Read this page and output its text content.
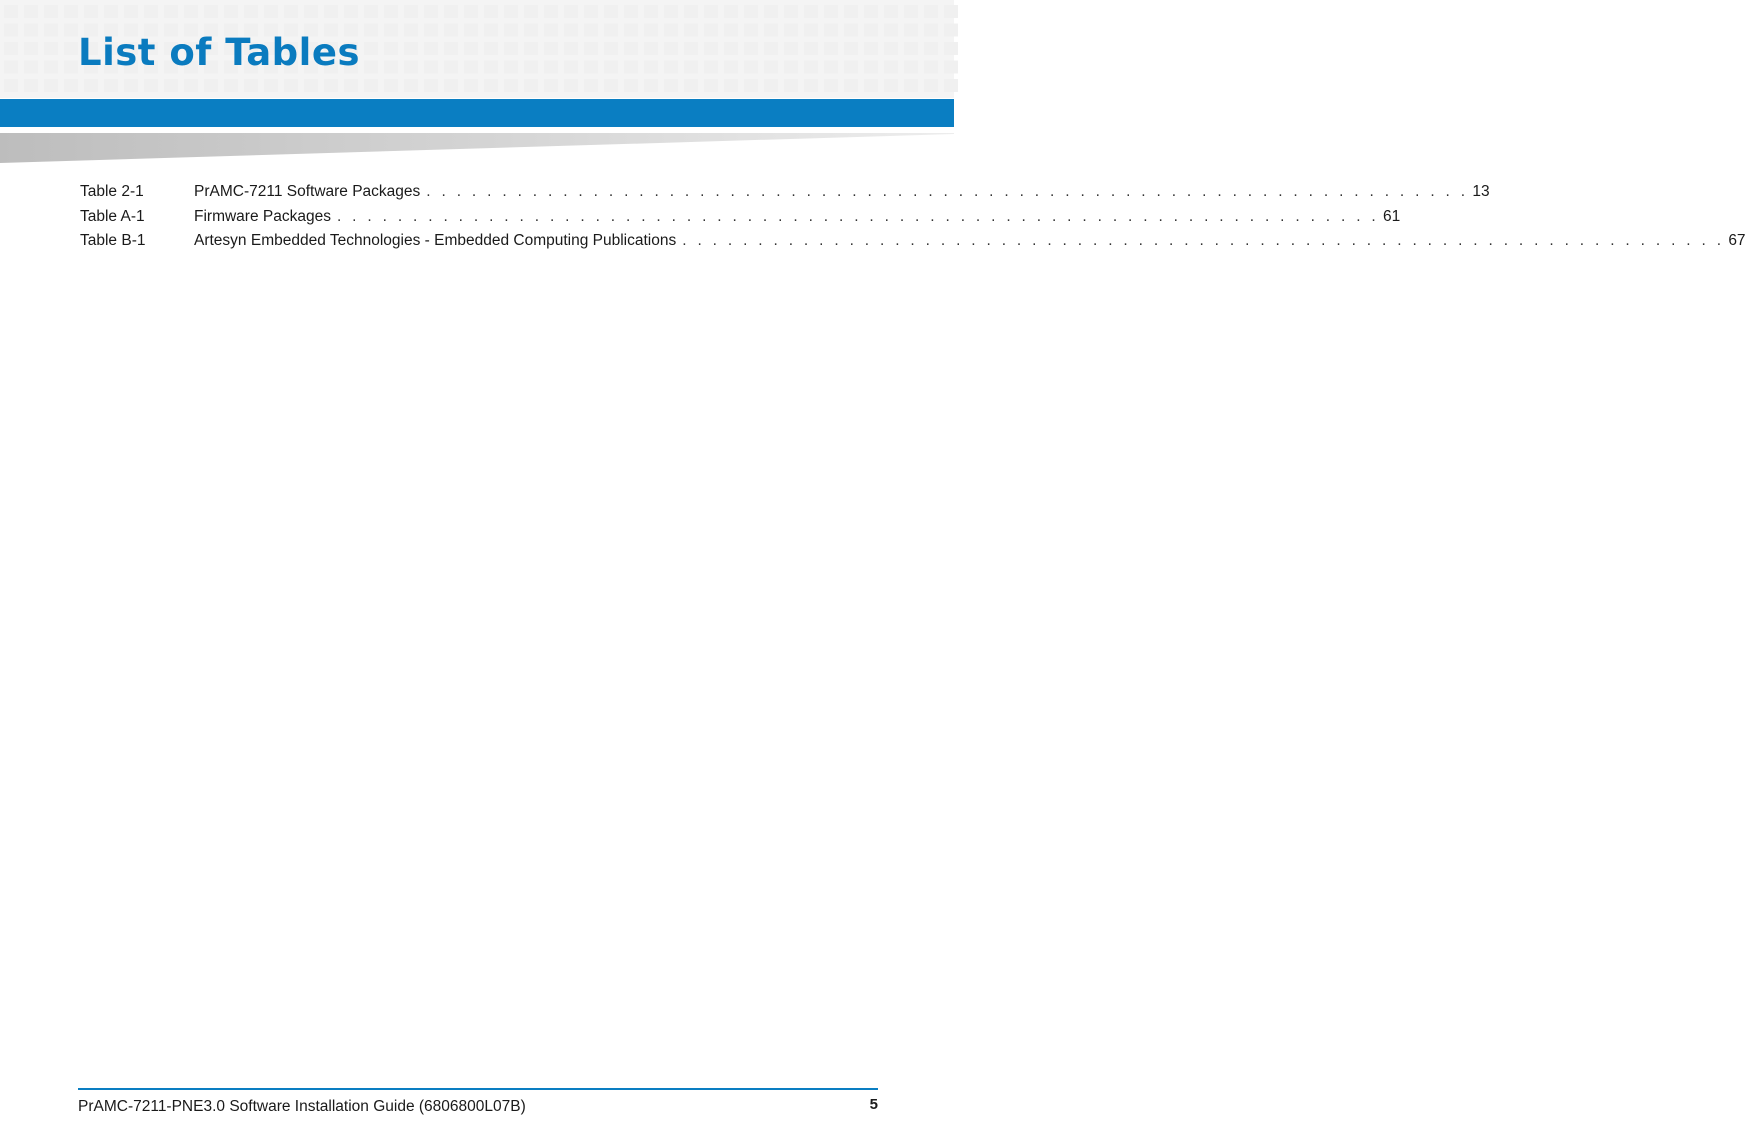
List of Tables
Table 2-1	PrAMC-7211 Software Packages . . . . . . . . . . . . . . . . . . . . . . . . . . . . . . . . . . . . . . . . . . . . . . . . . . . . . . . . . . . . . . . . . . . . . 13
Table A-1	Firmware Packages . . . . . . . . . . . . . . . . . . . . . . . . . . . . . . . . . . . . . . . . . . . . . . . . . . . . . . . . . . . . . . . . . . . . . 61
Table B-1	Artesyn Embedded Technologies - Embedded Computing Publications . . . . . . . . . . . . . . . . . . . . . . . . . . . . . . . . . . . . . . . . . . . . . . . . . . . . . . . . . . . . . . . . . . . . . 67
PrAMC-7211-PNE3.0 Software Installation Guide (6806800L07B)	5
